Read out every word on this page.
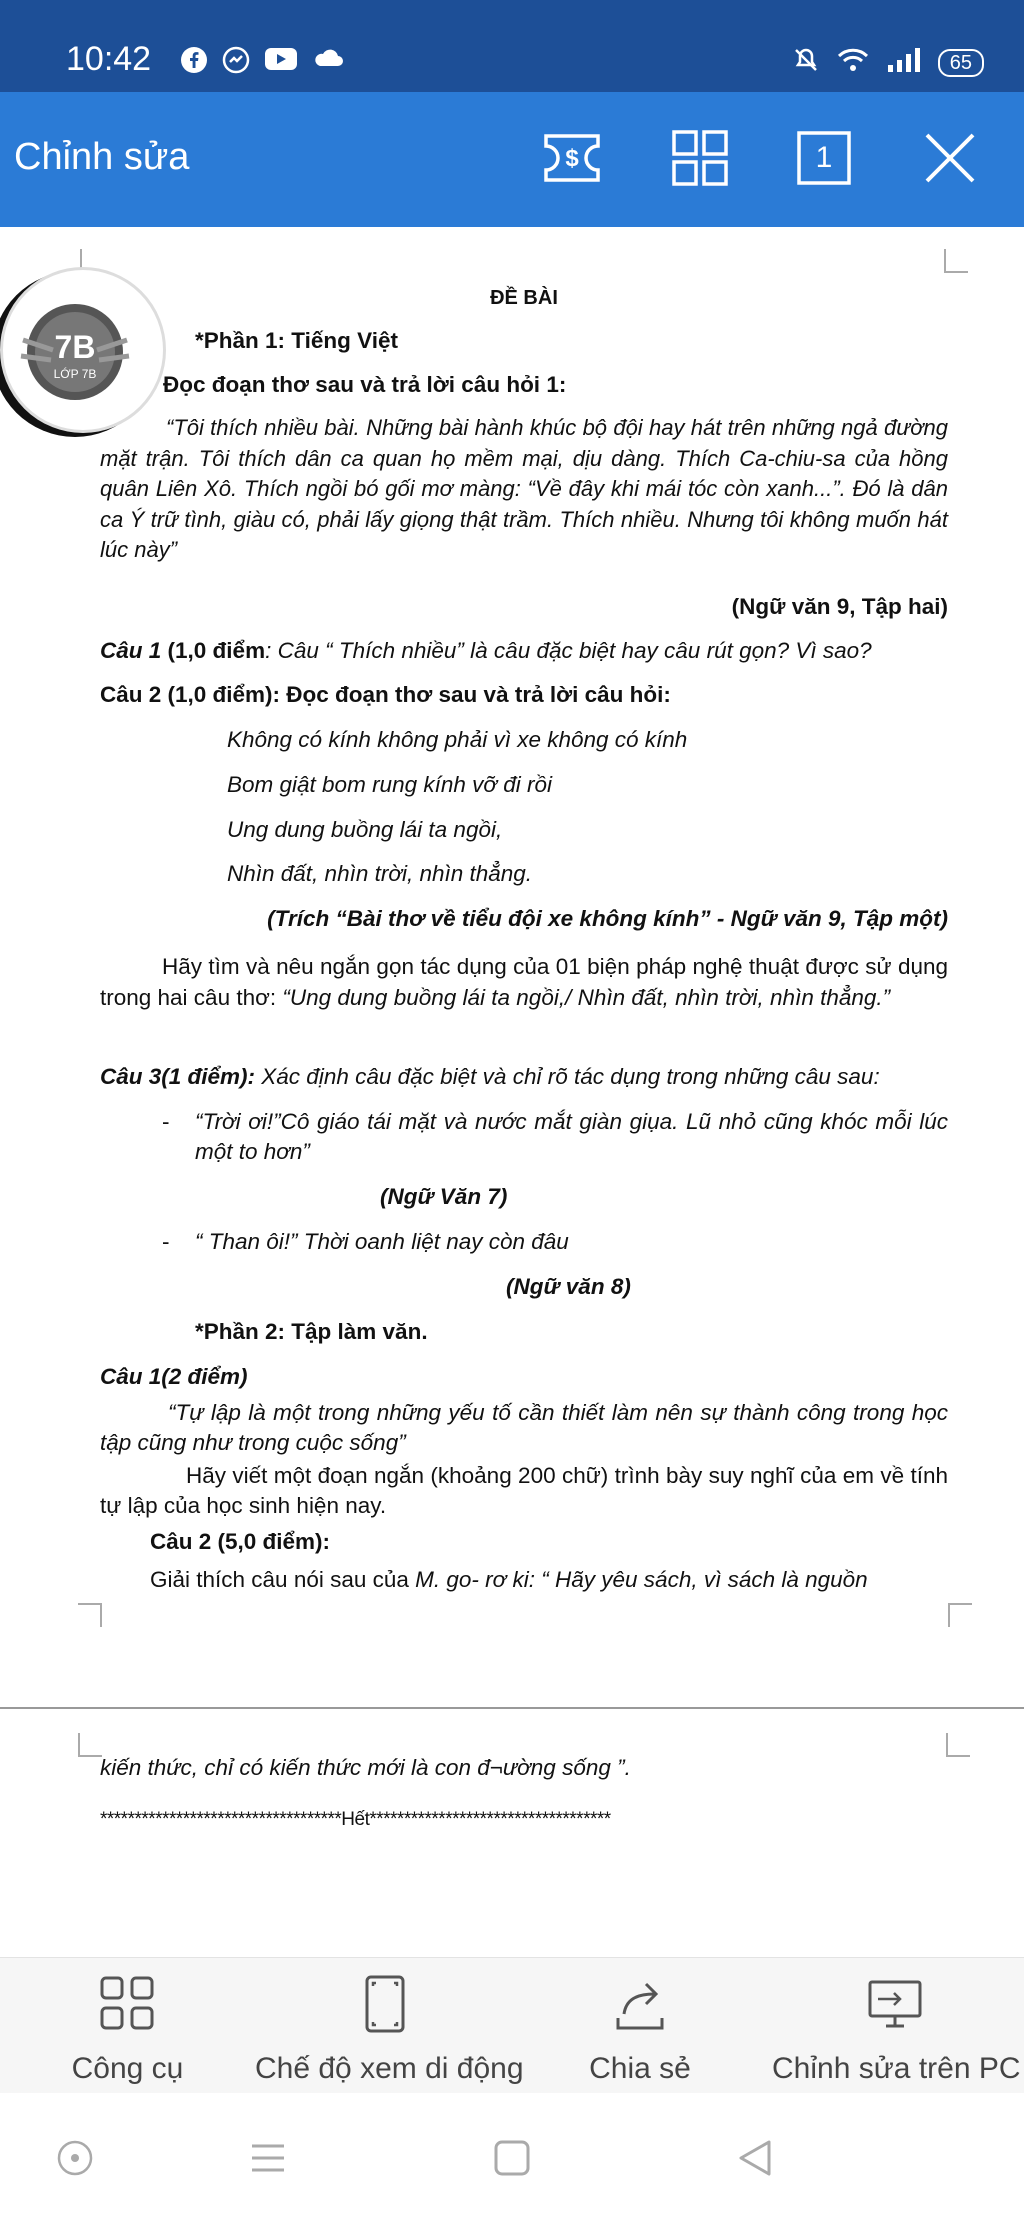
10:42	65
Chỉnh sửa	$	1
ĐỀ BÀI
*Phần 1: Tiếng Việt
Đọc đoạn thơ sau và trả lời câu hỏi 1:
“Tôi thích nhiều bài. Những bài hành khúc bộ đội hay hát trên những ngả đường mặt trận. Tôi thích dân ca quan họ mềm mại, dịu dàng. Thích Ca-chiu-sa của hồng quân Liên Xô. Thích ngồi bó gối mơ màng: “Về đây khi mái tóc còn xanh...”. Đó là dân ca Ý trữ tình, giàu có, phải lấy giọng thật trầm. Thích nhiều. Nhưng tôi không muốn hát lúc này”
(Ngữ văn 9, Tập hai)
Câu 1 (1,0 điểm: Câu “ Thích nhiều” là câu đặc biệt hay câu rút gọn? Vì sao?
Câu 2 (1,0 điểm): Đọc đoạn thơ sau và trả lời câu hỏi:
Không có kính không phải vì xe không có kính
Bom giật bom rung kính vỡ đi rồi
Ung dung buồng lái ta ngồi,
Nhìn đất, nhìn trời, nhìn thẳng.
(Trích “Bài thơ về tiểu đội xe không kính” - Ngữ văn 9, Tập một)
Hãy tìm và nêu ngắn gọn tác dụng của 01 biện pháp nghệ thuật được sử dụng trong hai câu thơ: “Ung dung buồng lái ta ngồi,/ Nhìn đất, nhìn trời, nhìn thẳng.”
Câu 3(1 điểm): Xác định câu đặc biệt và chỉ rõ tác dụng trong những câu sau:
-	“Trời ơi!”Cô giáo tái mặt và nước mắt giàn giụa. Lũ nhỏ cũng khóc mỗi lúc một to hơn”
(Ngữ Văn 7)
-	“ Than ôi!” Thời oanh liệt nay còn đâu
(Ngữ văn 8)
*Phần 2: Tập làm văn.
Câu 1(2 điểm)
“Tự lập là một trong những yếu tố cần thiết làm nên sự thành công trong học tập cũng như trong cuộc sống”
Hãy viết một đoạn ngắn (khoảng 200 chữ) trình bày suy nghĩ của em về tính tự lập của học sinh hiện nay.
Câu 2 (5,0 điểm):
Giải thích câu nói sau của M. go- rơ ki: “ Hãy yêu sách, vì sách là nguồn
kiến thức, chỉ có kiến thức mới là con đ¬ường sống ”.
***********************************Hết***********************************
7B
LỚP 7B
Công cụ	Chế độ xem di động	Chia sẻ	Chỉnh sửa trên PC
